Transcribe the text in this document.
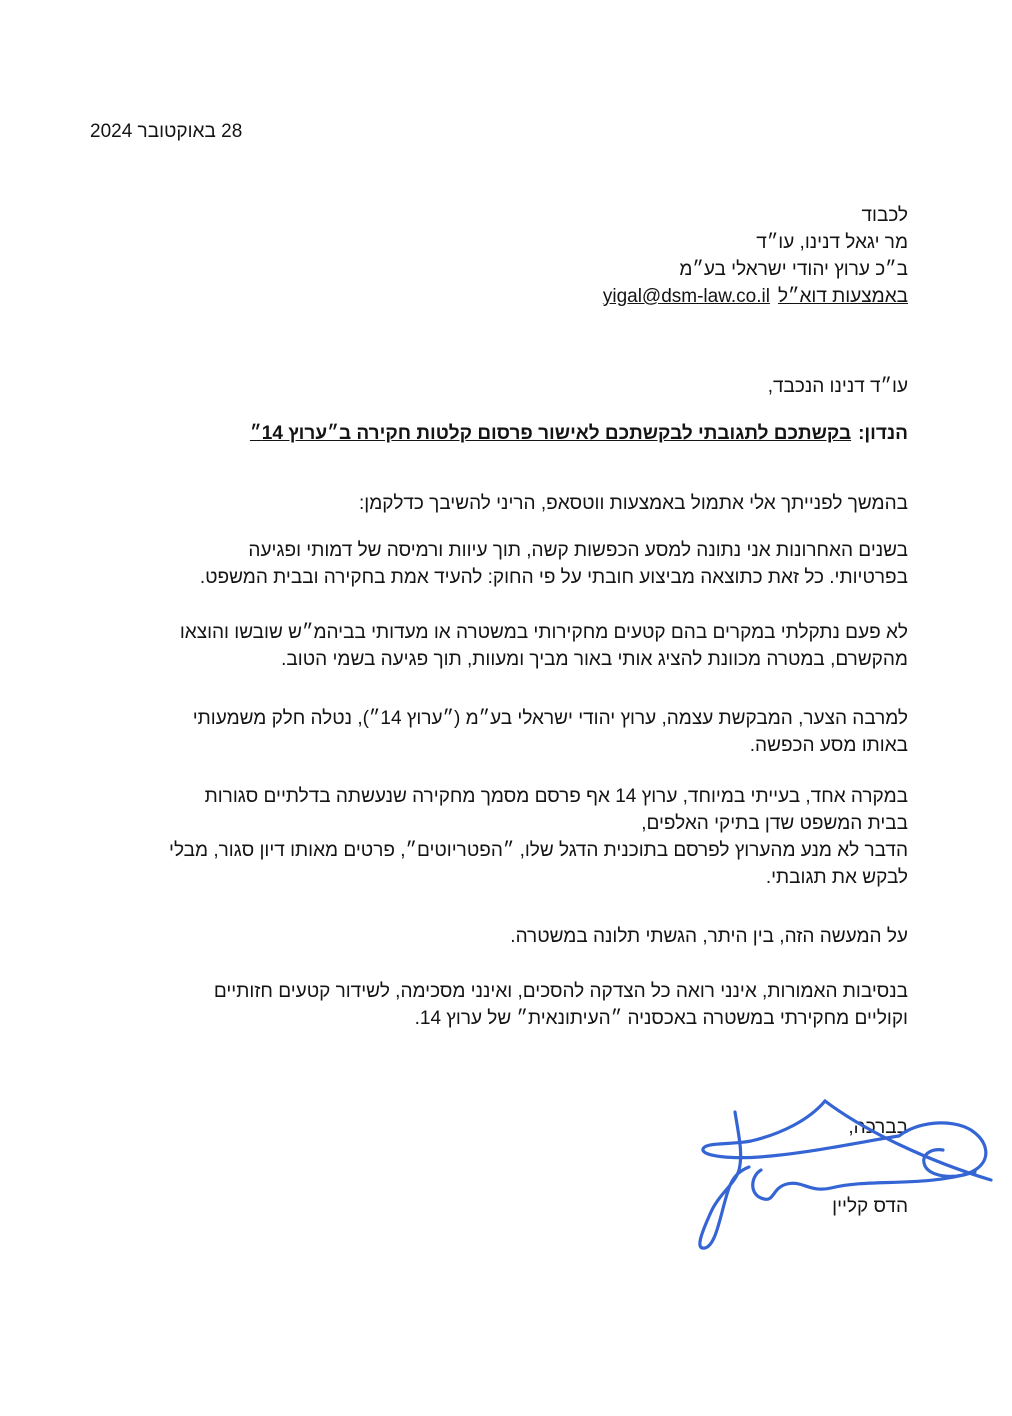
28 באוקטובר 2024
לכבוד
מר יגאל דנינו, עו״ד
ב״כ ערוץ יהודי ישראלי בע״מ
באמצעות דוא״לyigal@dsm-law.co.il
עו״ד דנינו הנכבד,
הנדון:בקשתכם לתגובתי לבקשתכם לאישור פרסום קלטות חקירה ב״ערוץ 14״
בהמשך לפנייתך אלי אתמול באמצעות ווטסאפ, הריני להשיבך כדלקמן:
בשנים האחרונות אני נתונה למסע הכפשות קשה, תוך עיוות ורמיסה של דמותי ופגיעה
בפרטיותי. כל זאת כתוצאה מביצוע חובתי על פי החוק: להעיד אמת בחקירה ובבית המשפט.
לא פעם נתקלתי במקרים בהם קטעים מחקירותי במשטרה או מעדותי בביהמ״ש שובשו והוצאו
מהקשרם, במטרה מכוונת להציג אותי באור מביך ומעוות, תוך פגיעה בשמי הטוב.
למרבה הצער, המבקשת עצמה, ערוץ יהודי ישראלי בע״מ (״ערוץ 14״), נטלה חלק משמעותי
באותו מסע הכפשה.
במקרה אחד, בעייתי במיוחד, ערוץ 14 אף פרסם מסמך מחקירה שנעשתה בדלתיים סגורות
בבית המשפט שדן בתיקי האלפים,
הדבר לא מנע מהערוץ לפרסם בתוכנית הדגל שלו, ״הפטריוטים״, פרטים מאותו דיון סגור, מבלי
לבקש את תגובתי.
על המעשה הזה, בין היתר, הגשתי תלונה במשטרה.
בנסיבות האמורות, אינני רואה כל הצדקה להסכים, ואינני מסכימה, לשידור קטעים חזותיים
וקוליים מחקירתי במשטרה באכסניה ״העיתונאית״ של ערוץ 14.
בברכה,
הדס קליין
